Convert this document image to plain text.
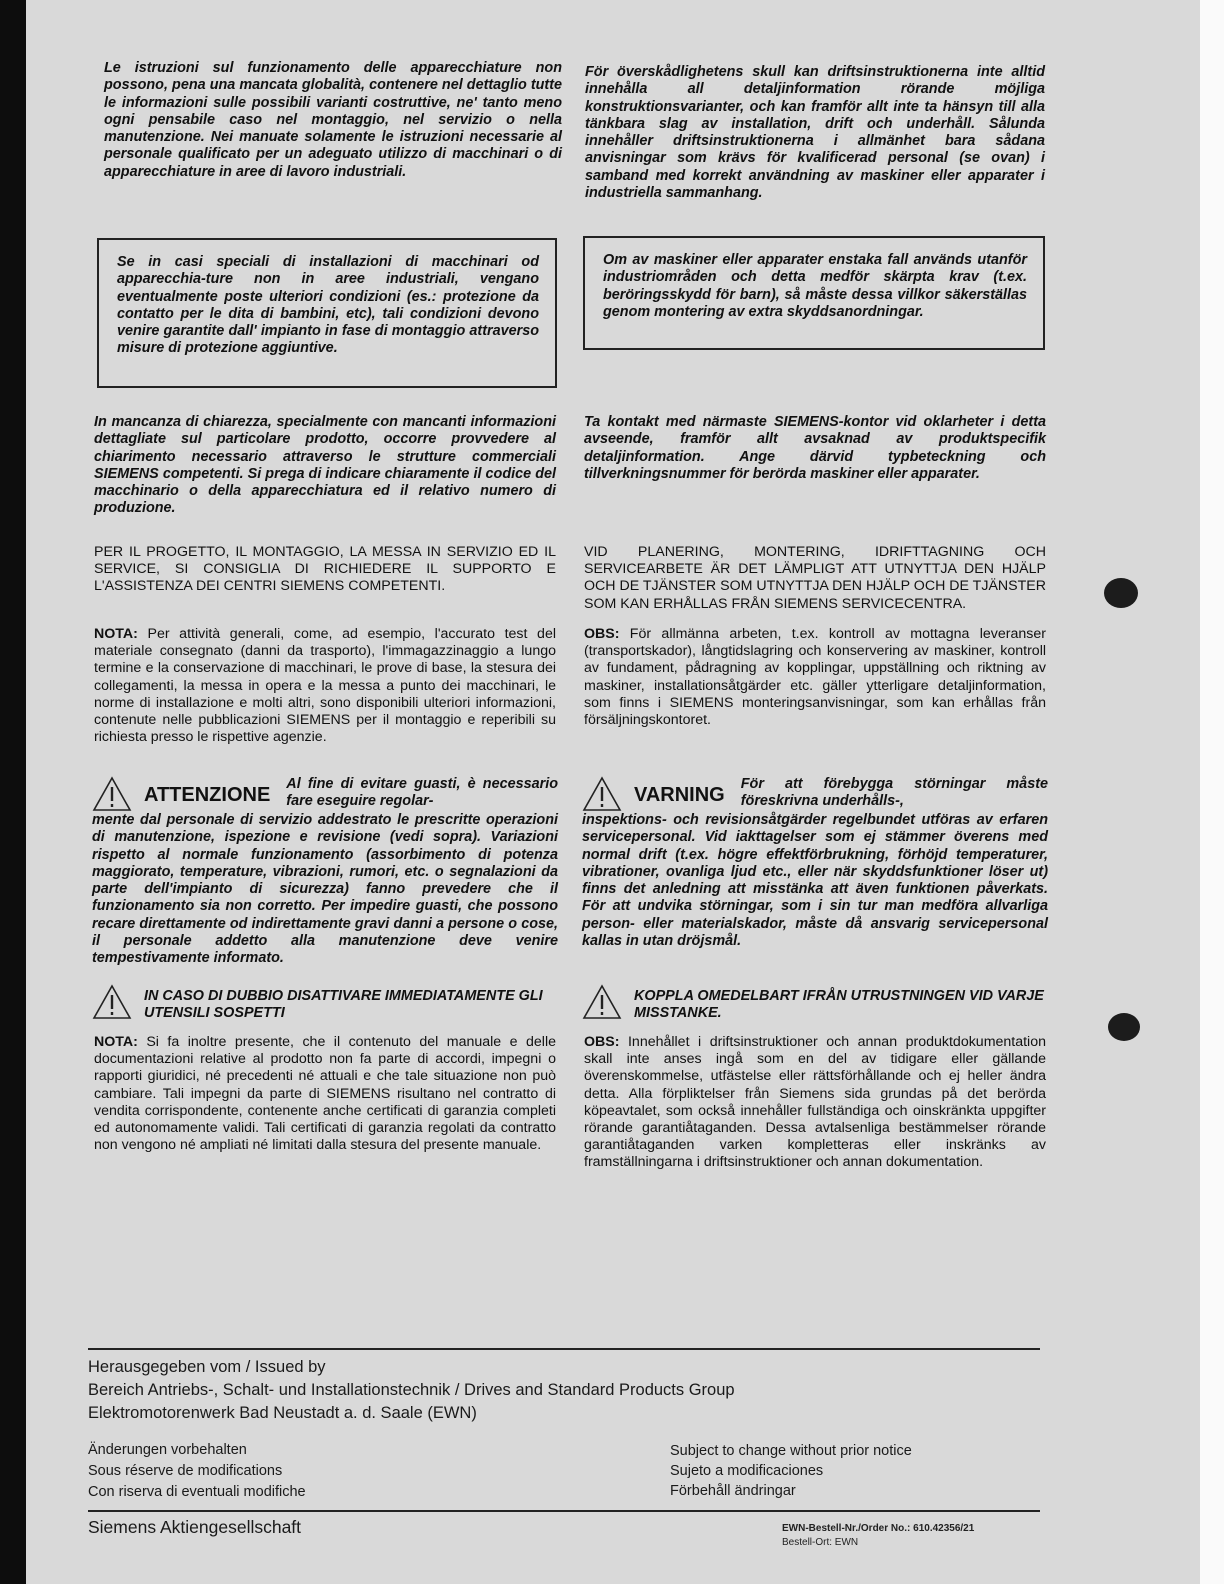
Le istruzioni sul funzionamento delle apparecchiature non possono, pena una mancata globalità, contenere nel dettaglio tutte le informazioni sulle possibili varianti costruttive, ne' tanto meno ogni pensabile caso nel montaggio, nel servizio o nella manutenzione. Nei manuate solamente le istruzioni necessarie al personale qualificato per un adeguato utilizzo di macchinari o di apparecchiature in aree di lavoro industriali.

Se in casi speciali di installazioni di macchinari od apparecchia-ture non in aree industriali, vengano eventualmente poste ulteriori condizioni (es.: protezione da contatto per le dita di bambini, etc), tali condizioni devono venire garantite dall' impianto in fase di montaggio attraverso misure di protezione aggiuntive.

In mancanza di chiarezza, specialmente con mancanti informazioni dettagliate sul particolare prodotto, occorre provvedere al chiarimento necessario attraverso le strutture commerciali SIEMENS competenti. Si prega di indicare chiaramente il codice del macchinario o della apparecchiatura ed il relativo numero di produzione.
PER IL PROGETTO, IL MONTAGGIO, LA MESSA IN SERVIZIO ED IL SERVICE, SI CONSIGLIA DI RICHIEDERE IL SUPPORTO E L'ASSISTENZA DEI CENTRI SIEMENS COMPETENTI.
NOTA: Per attività generali, come, ad esempio, l'accurato test del materiale consegnato (danni da trasporto), l'immagazzinaggio a lungo termine e la conservazione di macchinari, le prove di base, la stesura dei collegamenti, la messa in opera e la messa a punto dei macchinari, le norme di installazione e molti altri, sono disponibili ulteriori informazioni, contenute nelle pubblicazioni SIEMENS per il montaggio e reperibili su richiesta presso le rispettive agenzie.
ATTENZIONE Al fine di evitare guasti, è necessario fare eseguire regolar-

mente dal personale di servizio addestrato le prescritte operazioni di manutenzione, ispezione e revisione (vedi sopra). Variazioni rispetto al normale funzionamento (assorbimento di potenza maggiorato, temperature, vibrazioni, rumori, etc. o segnalazioni da parte dell'impianto di sicurezza) fanno prevedere che il funzionamento sia non corretto. Per impedire guasti, che possono recare direttamente od indirettamente gravi danni a persone o cose, il personale addetto alla manutenzione deve venire tempestivamente informato.

IN CASO DI DUBBIO DISATTIVARE IMMEDIATAMENTE GLI UTENSILI SOSPETTI
NOTA: Si fa inoltre presente, che il contenuto del manuale e delle documentazioni relative al prodotto non fa parte di accordi, impegni o rapporti giuridici, né precedenti né attuali e che tale situazione non può cambiare. Tali impegni da parte di SIEMENS risultano nel contratto di vendita corrispondente, contenente anche certificati di garanzia completi ed autonomamente validi. Tali certificati di garanzia regolati da contratto non vengono né ampliati né limitati dalla stesura del presente manuale.
För överskådlighetens skull kan driftsinstruktionerna inte alltid innehålla all detaljinformation rörande möjliga konstruktionsvarianter, och kan framför allt inte ta hänsyn till alla tänkbara slag av installation, drift och underhåll. Sålunda innehåller driftsinstruktionerna i allmänhet bara sådana anvisningar som krävs för kvalificerad personal (se ovan) i samband med korrekt användning av maskiner eller apparater i industriella sammanhang.

Om av maskiner eller apparater enstaka fall används utanför industriområden och detta medför skärpta krav (t.ex. beröringsskydd för barn), så måste dessa villkor säkerställas genom montering av extra skyddsanordningar.

Ta kontakt med närmaste SIEMENS-kontor vid oklarheter i detta avseende, framför allt avsaknad av produktspecifik detaljinformation. Ange därvid typbeteckning och tillverkningsnummer för berörda maskiner eller apparater.
VID PLANERING, MONTERING, IDRIFTTAGNING OCH SERVICEARBETE ÄR DET LÄMPLIGT ATT UTNYTTJA DEN HJÄLP OCH DE TJÄNSTER SOM UTNYTTJA DEN HJÄLP OCH DE TJÄNSTER SOM KAN ERHÅLLAS FRÅN SIEMENS SERVICECENTRA.
OBS: För allmänna arbeten, t.ex. kontroll av mottagna leveranser (transportskador), långtidslagring och konservering av maskiner, kontroll av fundament, pådragning av kopplingar, uppställning och riktning av maskiner, installationsåtgärder etc. gäller ytterligare detaljinformation, som finns i SIEMENS monteringsanvisningar, som kan erhållas från försäljningskontoret.
VARNING För att förebygga störningar måste föreskrivna underhålls-,

inspektions- och revisionsåtgärder regelbundet utföras av erfaren servicepersonal. Vid iakttagelser som ej stämmer överens med normal drift (t.ex. högre effektförbrukning, förhöjd temperaturer, vibrationer, ovanliga ljud etc., eller när skyddsfunktioner löser ut) finns det anledning att misstänka att även funktionen påverkats. För att undvika störningar, som i sin tur man medföra allvarliga person- eller materialskador, måste då ansvarig servicepersonal kallas in utan dröjsmål.

KOPPLA OMEDELBART IFRÅN UTRUSTNINGEN VID VARJE MISSTANKE.
OBS: Innehållet i driftsinstruktioner och annan produktdokumentation skall inte anses ingå som en del av tidigare eller gällande överenskommelse, utfästelse eller rättsförhållande och ej heller ändra detta. Alla förpliktelser från Siemens sida grundas på det berörda köpeavtalet, som också innehåller fullständiga och oinskränkta uppgifter rörande garantiåtaganden. Dessa avtalsenliga bestämmelser rörande garantiåtaganden varken kompletteras eller inskränks av framställningarna i driftsinstruktioner och annan dokumentation.
Herausgegeben vom / Issued by
Bereich Antriebs-, Schalt- und Installationstechnik / Drives and Standard Products Group
Elektromotorenwerk Bad Neustadt a. d. Saale (EWN)
Änderungen vorbehalten
Sous réserve de modifications
Con riserva di eventuali modifiche
Subject to change without prior notice
Sujeto a modificaciones
Förbehåll ändringar
Siemens Aktiengesellschaft	EWN-Bestell-Nr./Order No.: 610.42356/21
Bestell-Ort: EWN
